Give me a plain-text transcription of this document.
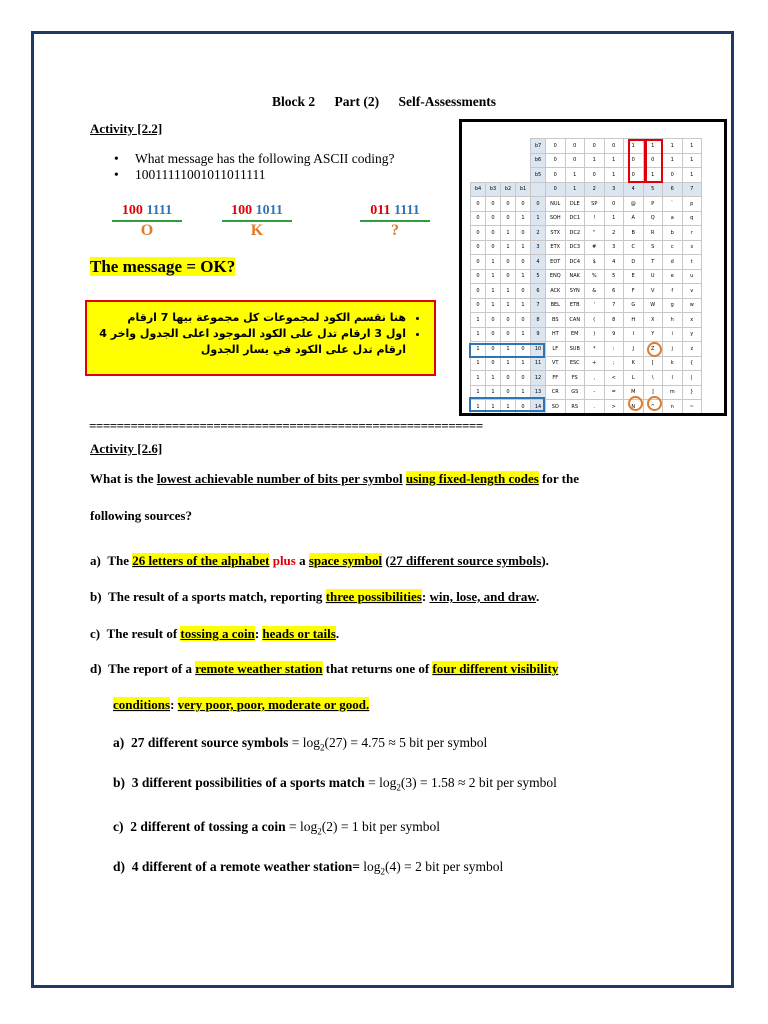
Block 2 Part (2) Self-Assessments
Activity [2.2]
• What message has the following ASCII coding?
• 10011111001011011111
100 1111
O
100 1011
K
011 1111
?
The message = OK?
• هنا نقسم الكود لمجموعات كل مجموعة بيها 7 ارقام
• اول 3 ارقام تدل على الكود الموجود اعلى الجدول واخر 4 ارقام تدل على الكود في يسار الجدول
				b7	0	0	0	0	1	1	1	1
				b6	0	0	1	1	0	0	1	1
				b5	0	1	0	1	0	1	0	1
b4	b3	b2	b1		0	1	2	3	4	5	6	7
0	0	0	0	0	NUL	DLE	SP	0	@	P	`	p
0	0	0	1	1	SOH	DC1	!	1	A	Q	a	q
0	0	1	0	2	STX	DC2	"	2	B	R	b	r
0	0	1	1	3	ETX	DC3	#	3	C	S	c	s
0	1	0	0	4	EOT	DC4	$	4	D	T	d	t
0	1	0	1	5	ENQ	NAK	%	5	E	U	e	u
0	1	1	0	6	ACK	SYN	&	6	F	V	f	v
0	1	1	1	7	BEL	ETB	'	7	G	W	g	w
1	0	0	0	8	BS	CAN	(	8	H	X	h	x
1	0	0	1	9	HT	EM	)	9	I	Y	i	y
1	0	1	0	10	LF	SUB	*	:	J	Z	j	z
1	0	1	1	11	VT	ESC	+	;	K	[	k	{
1	1	0	0	12	FF	FS	,	<	L	\	l	|
1	1	0	1	13	CR	GS	-	=	M	]	m	}
1	1	1	0	14	SO	RS	.	>	N	^	n	~

=========================================================
Activity [2.6]
What is the lowest achievable number of bits per symbol using fixed-length codes for the
following sources?
a) The 26 letters of the alphabet plus a space symbol (27 different source symbols).
b) The result of a sports match, reporting three possibilities: win, lose, and draw.
c) The result of tossing a coin: heads or tails.
d) The report of a remote weather station that returns one of four different visibility
conditions: very poor, poor, moderate or good.
a) 27 different source symbols = $\log_2(27) = 4.75 \approx 5$ bit per symbol
b) 3 different possibilities of a sports match = $\log_2(3) = 1.58 \approx 2$ bit per symbol
c) 2 different of tossing a coin = $\log_2(2) = 1$ bit per symbol
d) 4 different of a remote weather station= $\log_2(4) = 2$ bit per symbol
